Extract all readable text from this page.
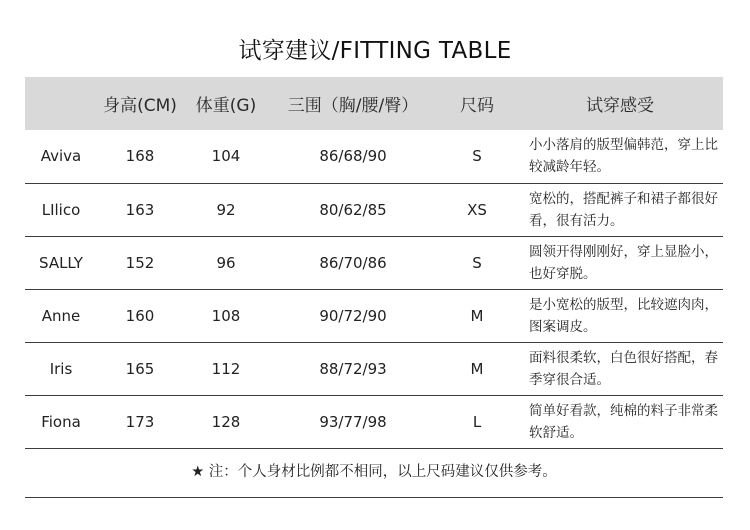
试穿建议/FITTING TABLE
	身高(CM)	体重(G)	三围（胸/腰/臀）	尺码	试穿感受
Aviva	168	104	86/68/90	S	小小落肩的版型偏韩范，穿上比较减龄年轻。
LIlico	163	92	80/62/85	XS	宽松的，搭配裤子和裙子都很好看，很有活力。
SALLY	152	96	86/70/86	S	圆领开得刚刚好，穿上显脸小，也好穿脱。
Anne	160	108	90/72/90	M	是小宽松的版型，比较遮肉肉，图案调皮。
Iris	165	112	88/72/93	M	面料很柔软，白色很好搭配，春季穿很合适。
Fiona	173	128	93/77/98	L	简单好看款，纯棉的料子非常柔软舒适。
★ 注：个人身材比例都不相同，以上尺码建议仅供参考。
